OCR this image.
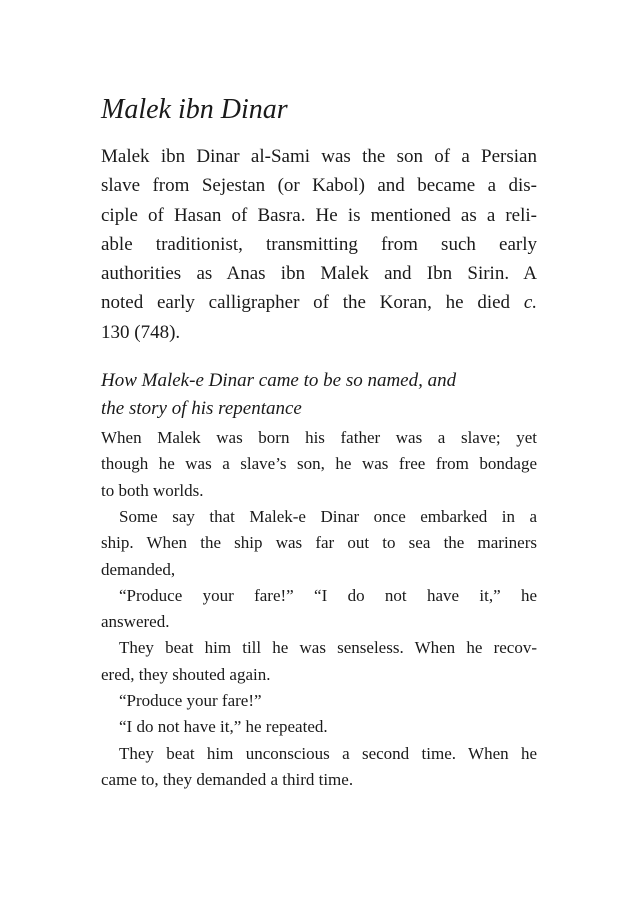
Malek ibn Dinar

Malek ibn Dinar al-Sami was the son of a Persian
slave from Sejestan (or Kabol) and became a dis-
ciple of Hasan of Basra. He is mentioned as a reli-
able traditionist, transmitting from such early
authorities as Anas ibn Malek and Ibn Sirin. A
noted early calligrapher of the Koran, he died c.
130 (748).

How Malek-e Dinar came to be so named, and
the story of his repentance

When Malek was born his father was a slave; yet
though he was a slave’s son, he was free from bondage
to both worlds.

Some say that Malek-e Dinar once embarked in a
ship. When the ship was far out to sea the mariners
demanded,

“Produce your fare!” “I do not have it,” he
answered.

They beat him till he was senseless. When he recov-
ered, they shouted again.

“Produce your fare!”

“I do not have it,” he repeated.

They beat him unconscious a second time. When he
came to, they demanded a third time.
